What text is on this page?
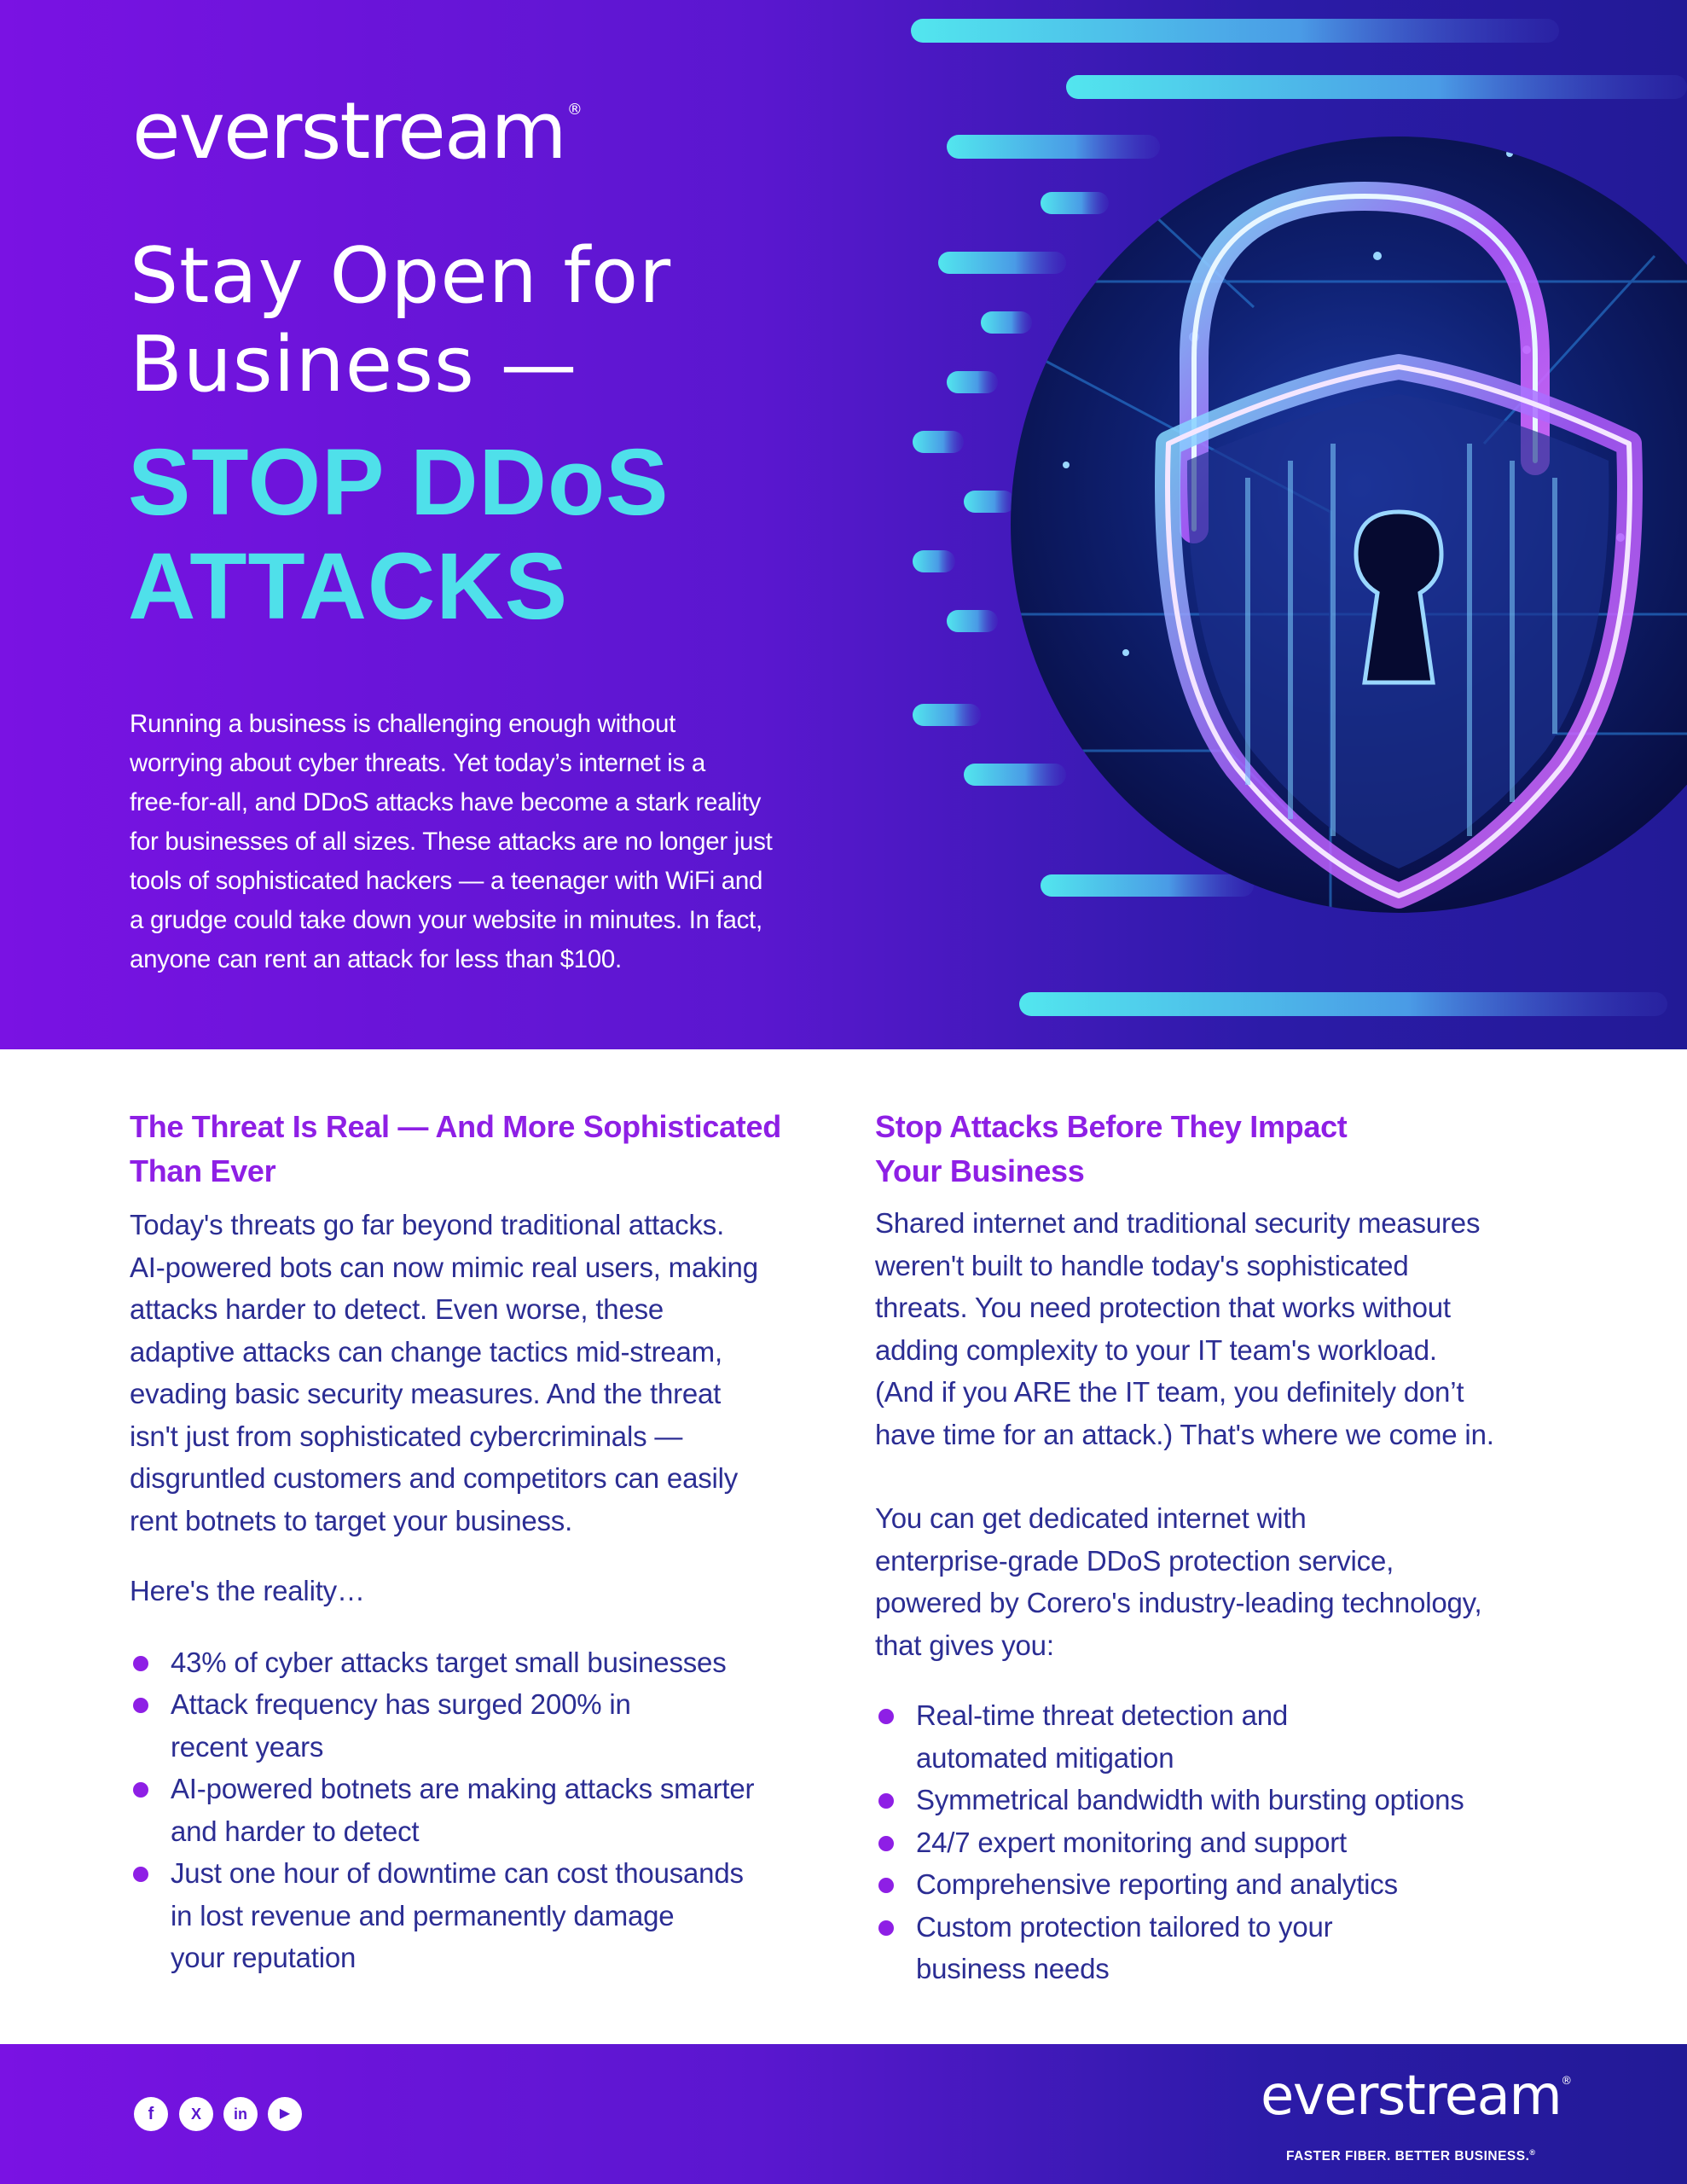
everstream ®
Stay Open for
Business —
STOP DDoS
ATTACKS
Running a business is challenging enough without
worrying about cyber threats. Yet today’s internet is a
free-for-all, and DDoS attacks have become a stark reality
for businesses of all sizes. These attacks are no longer just
tools of sophisticated hackers — a teenager with WiFi and
a grudge could take down your website in minutes. In fact,
anyone can rent an attack for less than $100.
The Threat Is Real — And More Sophisticated
Than Ever
Today's threats go far beyond traditional attacks.
AI-powered bots can now mimic real users, making
attacks harder to detect. Even worse, these
adaptive attacks can change tactics mid-stream,
evading basic security measures. And the threat
isn't just from sophisticated cybercriminals —
disgruntled customers and competitors can easily
rent botnets to target your business.
Here's the reality…
43% of cyber attacks target small businesses
Attack frequency has surged 200% in
recent years
AI-powered botnets are making attacks smarter
and harder to detect
Just one hour of downtime can cost thousands
in lost revenue and permanently damage
your reputation
Stop Attacks Before They Impact
Your Business
Shared internet and traditional security measures
weren't built to handle today's sophisticated
threats. You need protection that works without
adding complexity to your IT team's workload.
(And if you ARE the IT team, you definitely don’t
have time for an attack.) That's where we come in.
You can get dedicated internet with
enterprise-grade DDoS protection service,
powered by Corero's industry-leading technology,
that gives you:
Real-time threat detection and
automated mitigation
Symmetrical bandwidth with bursting options
24/7 expert monitoring and support
Comprehensive reporting and analytics
Custom protection tailored to your
business needs
f	X	in	▶	everstream®
FASTER FIBER. BETTER BUSINESS.®
